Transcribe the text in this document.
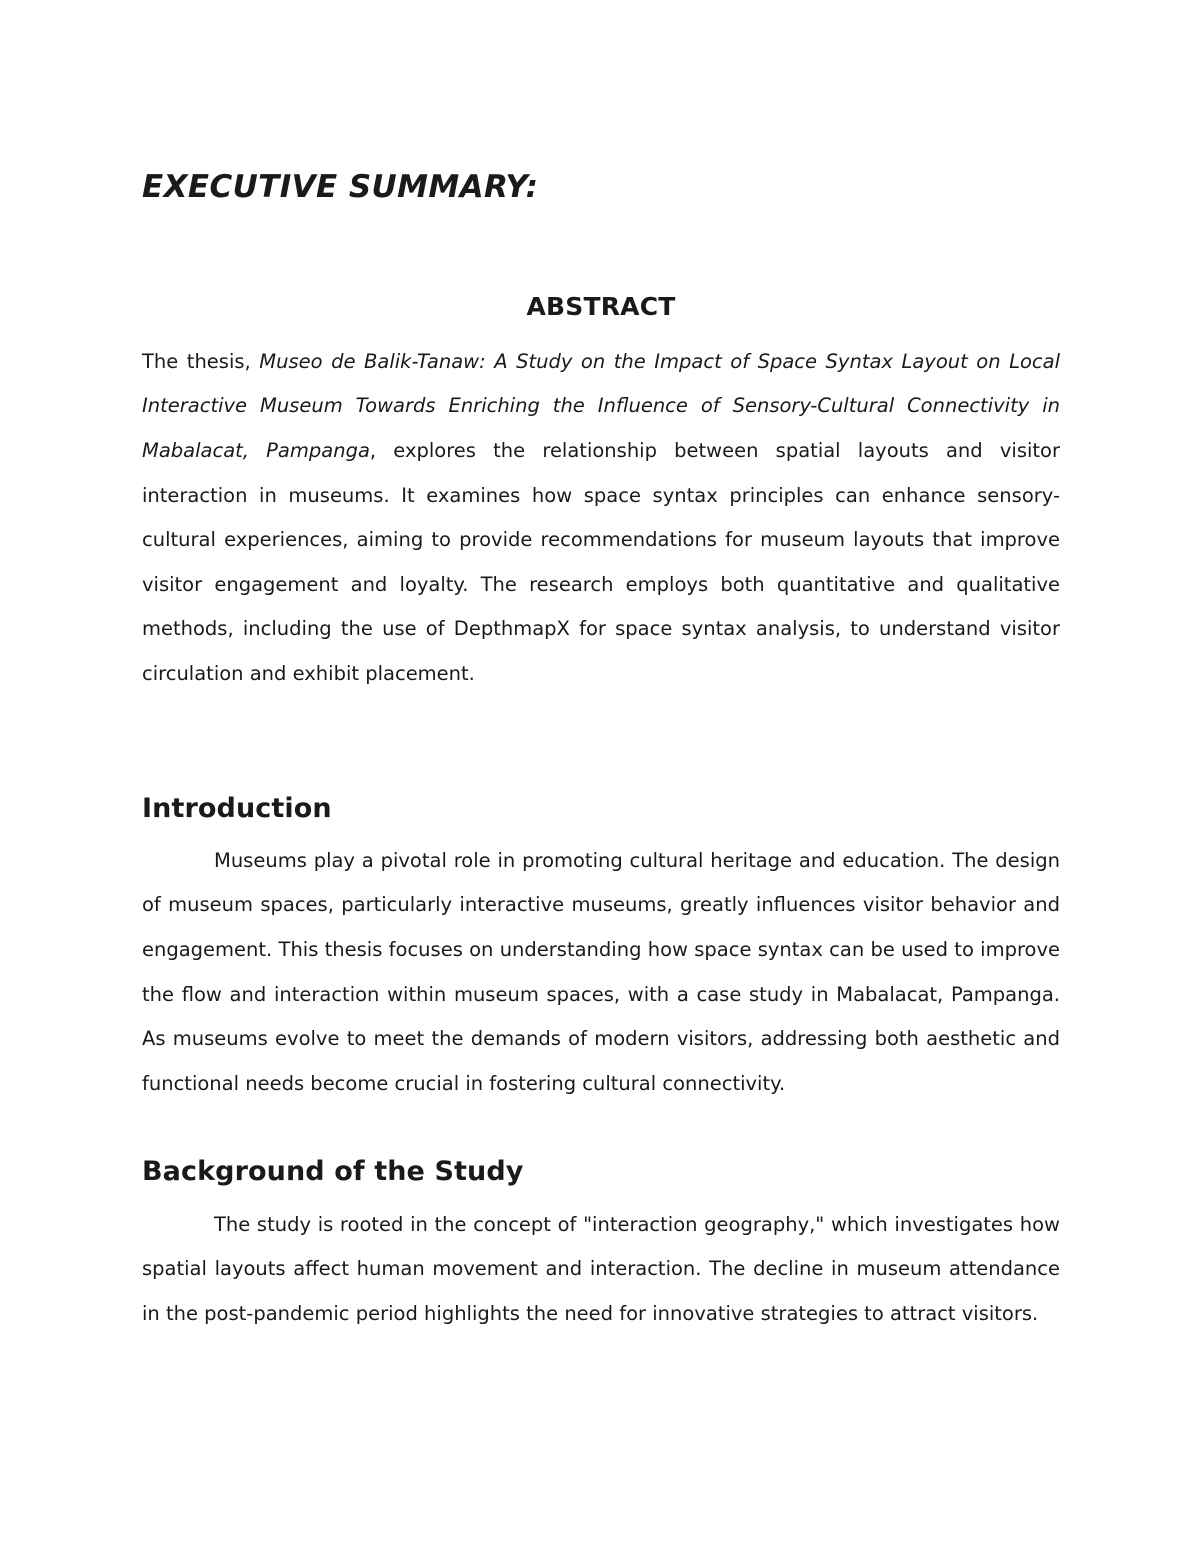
EXECUTIVE SUMMARY:
ABSTRACT

The thesis, Museo de Balik-Tanaw: A Study on the Impact of Space Syntax Layout on Local Interactive Museum Towards Enriching the Influence of Sensory-Cultural Connectivity in Mabalacat, Pampanga, explores the relationship between spatial layouts and visitor interaction in museums. It examines how space syntax principles can enhance sensory-cultural experiences, aiming to provide recommendations for museum layouts that improve visitor engagement and loyalty. The research employs both quantitative and qualitative methods, including the use of DepthmapX for space syntax analysis, to understand visitor circulation and exhibit placement.

Introduction

Museums play a pivotal role in promoting cultural heritage and education. The design of museum spaces, particularly interactive museums, greatly influences visitor behavior and engagement. This thesis focuses on understanding how space syntax can be used to improve the flow and interaction within museum spaces, with a case study in Mabalacat, Pampanga. As museums evolve to meet the demands of modern visitors, addressing both aesthetic and functional needs become crucial in fostering cultural connectivity.

Background of the Study

The study is rooted in the concept of "interaction geography," which investigates how spatial layouts affect human movement and interaction. The decline in museum attendance in the post-pandemic period highlights the need for innovative strategies to attract visitors.
